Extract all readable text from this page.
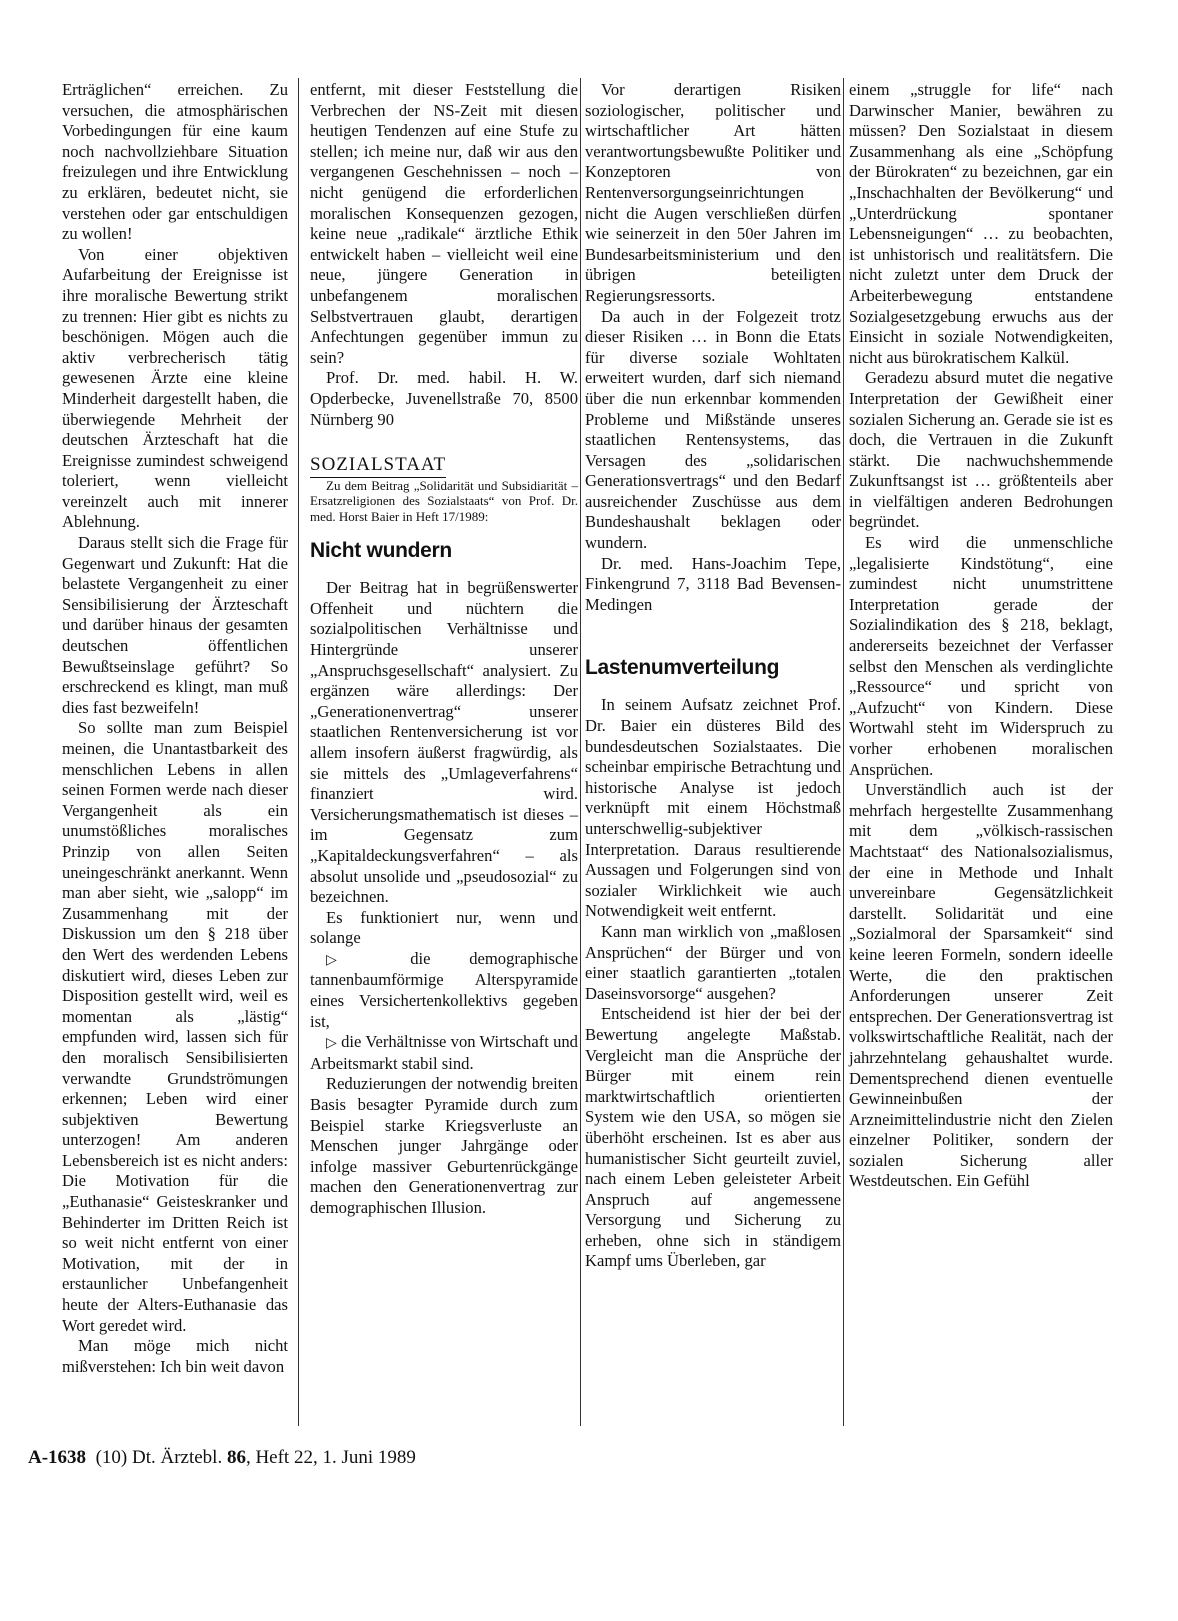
Erträglichen“ erreichen. Zu versuchen, die atmosphärischen Vorbedingungen für eine kaum noch nachvollziehbare Situation freizulegen und ihre Entwicklung zu erklären, bedeutet nicht, sie verstehen oder gar entschuldigen zu wollen!

Von einer objektiven Aufarbeitung der Ereignisse ist ihre moralische Bewertung strikt zu trennen: Hier gibt es nichts zu beschönigen. Mögen auch die aktiv verbrecherisch tätig gewesenen Ärzte eine kleine Minderheit dargestellt haben, die überwiegende Mehrheit der deutschen Ärzteschaft hat die Ereignisse zumindest schweigend toleriert, wenn vielleicht vereinzelt auch mit innerer Ablehnung.

Daraus stellt sich die Frage für Gegenwart und Zukunft: Hat die belastete Vergangenheit zu einer Sensibilisierung der Ärzteschaft und darüber hinaus der gesamten deutschen öffentlichen Bewußtseinslage geführt? So erschreckend es klingt, man muß dies fast bezweifeln!

So sollte man zum Beispiel meinen, die Unantastbarkeit des menschlichen Lebens in allen seinen Formen werde nach dieser Vergangenheit als ein unumstößliches moralisches Prinzip von allen Seiten uneingeschränkt anerkannt. Wenn man aber sieht, wie „salopp“ im Zusammenhang mit der Diskussion um den § 218 über den Wert des werdenden Lebens diskutiert wird, dieses Leben zur Disposition gestellt wird, weil es momentan als „lästig“ empfunden wird, lassen sich für den moralisch Sensibilisierten verwandte Grundströmungen erkennen; Leben wird einer subjektiven Bewertung unterzogen! Am anderen Lebensbereich ist es nicht anders: Die Motivation für die „Euthanasie“ Geisteskranker und Behinderter im Dritten Reich ist so weit nicht entfernt von einer Motivation, mit der in erstaunlicher Unbefangenheit heute der Alters-Euthanasie das Wort geredet wird.

Man möge mich nicht mißverstehen: Ich bin weit davon

entfernt, mit dieser Feststellung die Verbrechen der NS-Zeit mit diesen heutigen Tendenzen auf eine Stufe zu stellen; ich meine nur, daß wir aus den vergangenen Geschehnissen – noch – nicht genügend die erforderlichen moralischen Konsequenzen gezogen, keine neue „radikale“ ärztliche Ethik entwickelt haben – vielleicht weil eine neue, jüngere Generation in unbefangenem moralischen Selbstvertrauen glaubt, derartigen Anfechtungen gegenüber immun zu sein?

Prof. Dr. med. habil. H. W. Opderbecke, Juvenellstraße 70, 8500 Nürnberg 90

SOZIALSTAAT

Zu dem Beitrag „Solidarität und Subsidiarität – Ersatzreligionen des Sozialstaats“ von Prof. Dr. med. Horst Baier in Heft 17/1989:

Nicht wundern

Der Beitrag hat in begrüßenswerter Offenheit und nüchtern die sozialpolitischen Verhältnisse und Hintergründe unserer „Anspruchsgesellschaft“ analysiert. Zu ergänzen wäre allerdings: Der „Generationenvertrag“ unserer staatlichen Rentenversicherung ist vor allem insofern äußerst fragwürdig, als sie mittels des „Umlageverfahrens“ finanziert wird. Versicherungsmathematisch ist dieses – im Gegensatz zum „Kapitaldeckungsverfahren“ – als absolut unsolide und „pseudosozial“ zu bezeichnen.

Es funktioniert nur, wenn und solange

▷ die demographische tannenbaumförmige Alterspyramide eines Versichertenkollektivs gegeben ist,

▷ die Verhältnisse von Wirtschaft und Arbeitsmarkt stabil sind.

Reduzierungen der notwendig breiten Basis besagter Pyramide durch zum Beispiel starke Kriegsverluste an Menschen junger Jahrgänge oder infolge massiver Geburtenrückgänge machen den Generationenvertrag zur demographischen Illusion.

Vor derartigen Risiken soziologischer, politischer und wirtschaftlicher Art hätten verantwortungsbewußte Politiker und Konzeptoren von Rentenversorgungseinrichtungen nicht die Augen verschließen dürfen wie seinerzeit in den 50er Jahren im Bundesarbeitsministerium und den übrigen beteiligten Regierungsressorts.

Da auch in der Folgezeit trotz dieser Risiken … in Bonn die Etats für diverse soziale Wohltaten erweitert wurden, darf sich niemand über die nun erkennbar kommenden Probleme und Mißstände unseres staatlichen Rentensystems, das Versagen des „solidarischen Generationsvertrags“ und den Bedarf ausreichender Zuschüsse aus dem Bundeshaushalt beklagen oder wundern.

Dr. med. Hans-Joachim Tepe, Finkengrund 7, 3118 Bad Bevensen-Medingen

Lastenumverteilung

In seinem Aufsatz zeichnet Prof. Dr. Baier ein düsteres Bild des bundesdeutschen Sozialstaates. Die scheinbar empirische Betrachtung und historische Analyse ist jedoch verknüpft mit einem Höchstmaß unterschwellig-subjektiver Interpretation. Daraus resultierende Aussagen und Folgerungen sind von sozialer Wirklichkeit wie auch Notwendigkeit weit entfernt.

Kann man wirklich von „maßlosen Ansprüchen“ der Bürger und von einer staatlich garantierten „totalen Daseinsvorsorge“ ausgehen?

Entscheidend ist hier der bei der Bewertung angelegte Maßstab. Vergleicht man die Ansprüche der Bürger mit einem rein marktwirtschaftlich orientierten System wie den USA, so mögen sie überhöht erscheinen. Ist es aber aus humanistischer Sicht geurteilt zuviel, nach einem Leben geleisteter Arbeit Anspruch auf angemessene Versorgung und Sicherung zu erheben, ohne sich in ständigem Kampf ums Überleben, gar

einem „struggle for life“ nach Darwinscher Manier, bewähren zu müssen? Den Sozialstaat in diesem Zusammenhang als eine „Schöpfung der Bürokraten“ zu bezeichnen, gar ein „Inschachhalten der Bevölkerung“ und „Unterdrückung spontaner Lebensneigungen“ … zu beobachten, ist unhistorisch und realitätsfern. Die nicht zuletzt unter dem Druck der Arbeiterbewegung entstandene Sozialgesetzgebung erwuchs aus der Einsicht in soziale Notwendigkeiten, nicht aus bürokratischem Kalkül.

Geradezu absurd mutet die negative Interpretation der Gewißheit einer sozialen Sicherung an. Gerade sie ist es doch, die Vertrauen in die Zukunft stärkt. Die nachwuchshemmende Zukunftsangst ist … größtenteils aber in vielfältigen anderen Bedrohungen begründet.

Es wird die unmenschliche „legalisierte Kindstötung“, eine zumindest nicht unumstrittene Interpretation gerade der Sozialindikation des § 218, beklagt, andererseits bezeichnet der Verfasser selbst den Menschen als verdinglichte „Ressource“ und spricht von „Aufzucht“ von Kindern. Diese Wortwahl steht im Widerspruch zu vorher erhobenen moralischen Ansprüchen.

Unverständlich auch ist der mehrfach hergestellte Zusammenhang mit dem „völkisch-rassischen Machtstaat“ des Nationalsozialismus, der eine in Methode und Inhalt unvereinbare Gegensätzlichkeit darstellt. Solidarität und eine „Sozialmoral der Sparsamkeit“ sind keine leeren Formeln, sondern ideelle Werte, die den praktischen Anforderungen unserer Zeit entsprechen. Der Generationsvertrag ist volkswirtschaftliche Realität, nach der jahrzehntelang gehaushaltet wurde. Dementsprechend dienen eventuelle Gewinneinbußen der Arzneimittelindustrie nicht den Zielen einzelner Politiker, sondern der sozialen Sicherung aller Westdeutschen. Ein Gefühl

A-1638 (10) Dt. Ärztebl. 86, Heft 22, 1. Juni 1989
